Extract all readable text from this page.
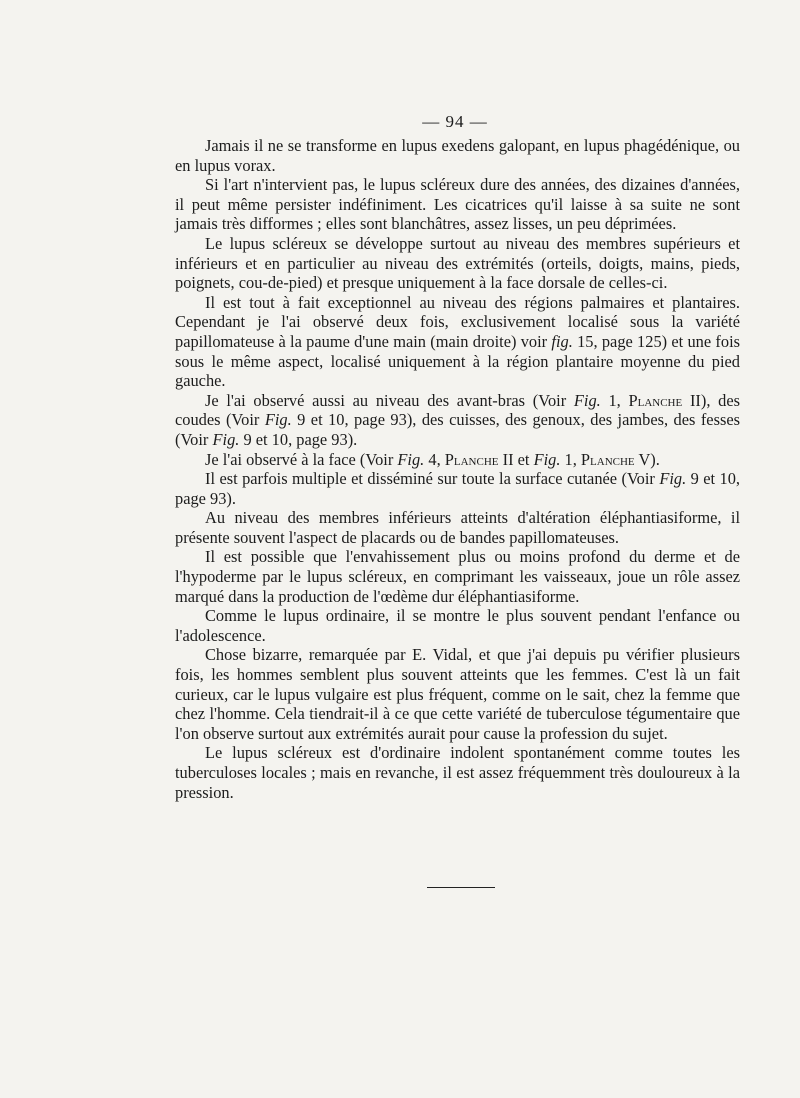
— 94 —

Jamais il ne se transforme en lupus exedens galopant, en lupus phagédénique, ou en lupus vorax.

Si l'art n'intervient pas, le lupus scléreux dure des années, des dizaines d'années, il peut même persister indéfiniment. Les cicatrices qu'il laisse à sa suite ne sont jamais très difformes ; elles sont blanchâtres, assez lisses, un peu déprimées.

Le lupus scléreux se développe surtout au niveau des membres supérieurs et inférieurs et en particulier au niveau des extrémités (orteils, doigts, mains, pieds, poignets, cou-de-pied) et presque uniquement à la face dorsale de celles-ci.

Il est tout à fait exceptionnel au niveau des régions palmaires et plantaires. Cependant je l'ai observé deux fois, exclusivement localisé sous la variété papillomateuse à la paume d'une main (main droite) voir fig. 15, page 125) et une fois sous le même aspect, localisé uniquement à la région plantaire moyenne du pied gauche.

Je l'ai observé aussi au niveau des avant-bras (Voir Fig. 1, Planche II), des coudes (Voir Fig. 9 et 10, page 93), des cuisses, des genoux, des jambes, des fesses (Voir Fig. 9 et 10, page 93).

Je l'ai observé à la face (Voir Fig. 4, Planche II et Fig. 1, Planche V).

Il est parfois multiple et disséminé sur toute la surface cutanée (Voir Fig. 9 et 10, page 93).

Au niveau des membres inférieurs atteints d'altération éléphantiasiforme, il présente souvent l'aspect de placards ou de bandes papillomateuses.

Il est possible que l'envahissement plus ou moins profond du derme et de l'hypoderme par le lupus scléreux, en comprimant les vaisseaux, joue un rôle assez marqué dans la production de l'œdème dur éléphantiasiforme.

Comme le lupus ordinaire, il se montre le plus souvent pendant l'enfance ou l'adolescence.

Chose bizarre, remarquée par E. Vidal, et que j'ai depuis pu vérifier plusieurs fois, les hommes semblent plus souvent atteints que les femmes. C'est là un fait curieux, car le lupus vulgaire est plus fréquent, comme on le sait, chez la femme que chez l'homme. Cela tiendrait-il à ce que cette variété de tuberculose tégumentaire que l'on observe surtout aux extrémités aurait pour cause la profession du sujet.

Le lupus scléreux est d'ordinaire indolent spontanément comme toutes les tuberculoses locales ; mais en revanche, il est assez fréquemment très douloureux à la pression.
